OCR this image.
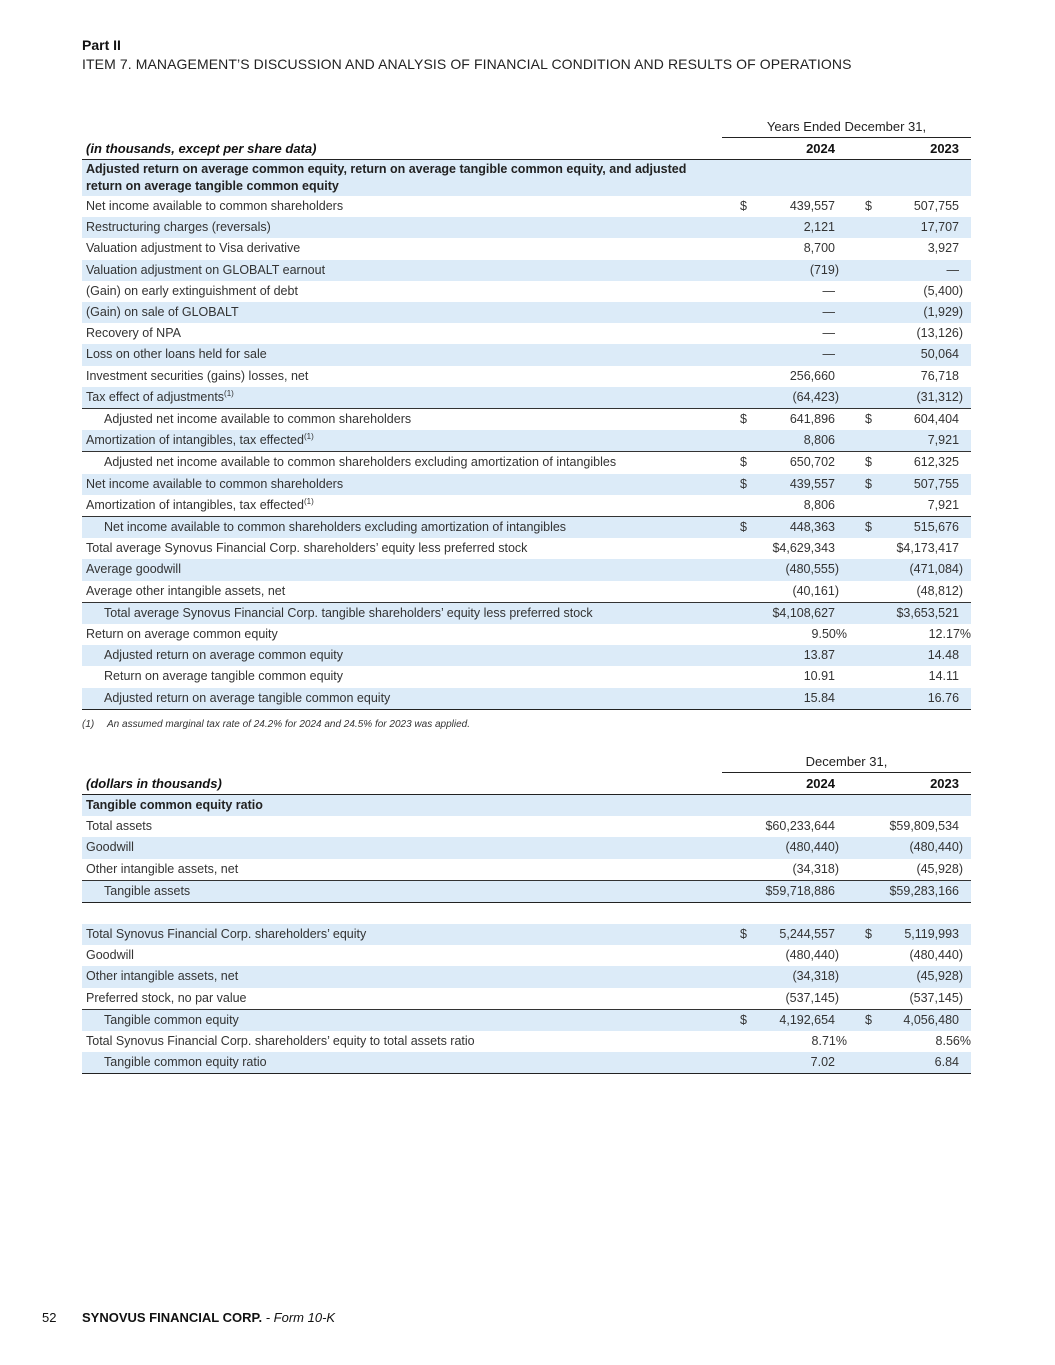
Part II
ITEM 7. MANAGEMENT’S DISCUSSION AND ANALYSIS OF FINANCIAL CONDITION AND RESULTS OF OPERATIONS
	Years Ended December 31,	
(in thousands, except per share data)	2024	2023
Adjusted return on average common equity, return on average tangible common equity, and adjusted return on average tangible common equity		
Net income available to common shareholders	$ 439,557	$ 507,755
Restructuring charges (reversals)	2,121	17,707
Valuation adjustment to Visa derivative	8,700	3,927
Valuation adjustment on GLOBALT earnout	(719)	—
(Gain) on early extinguishment of debt	—	(5,400)
(Gain) on sale of GLOBALT	—	(1,929)
Recovery of NPA	—	(13,126)
Loss on other loans held for sale	—	50,064
Investment securities (gains) losses, net	256,660	76,718
Tax effect of adjustments$^{(1)}$	(64,423)	(31,312)
Adjusted net income available to common shareholders	$ 641,896	$ 604,404
Amortization of intangibles, tax effected$^{(1)}$	8,806	7,921
Adjusted net income available to common shareholders excluding amortization of intangibles	$ 650,702	$ 612,325
Net income available to common shareholders	$ 439,557	$ 507,755
Amortization of intangibles, tax effected$^{(1)}$	8,806	7,921
Net income available to common shareholders excluding amortization of intangibles	$ 448,363	$ 515,676
Total average Synovus Financial Corp. shareholders’ equity less preferred stock	$4,629,343	$4,173,417
Average goodwill	(480,555)	(471,084)
Average other intangible assets, net	(40,161)	(48,812)
Total average Synovus Financial Corp. tangible shareholders’ equity less preferred stock	$4,108,627	$3,653,521
Return on average common equity	9.50%	12.17%
Adjusted return on average common equity	13.87	14.48
Return on average tangible common equity	10.91	14.11
Adjusted return on average tangible common equity	15.84	16.76
(1) An assumed marginal tax rate of 24.2% for 2024 and 24.5% for 2023 was applied.
	December 31,	
(dollars in thousands)	2024	2023
Tangible common equity ratio		
Total assets	$60,233,644	$59,809,534
Goodwill	(480,440)	(480,440)
Other intangible assets, net	(34,318)	(45,928)
Tangible assets	$59,718,886	$59,283,166

Total Synovus Financial Corp. shareholders’ equity	$ 5,244,557	$ 5,119,993
Goodwill	(480,440)	(480,440)
Other intangible assets, net	(34,318)	(45,928)
Preferred stock, no par value	(537,145)	(537,145)
Tangible common equity	$ 4,192,654	$ 4,056,480
Total Synovus Financial Corp. shareholders’ equity to total assets ratio	8.71%	8.56%
Tangible common equity ratio	7.02	6.84
52 SYNOVUS FINANCIAL CORP. - Form 10-K
